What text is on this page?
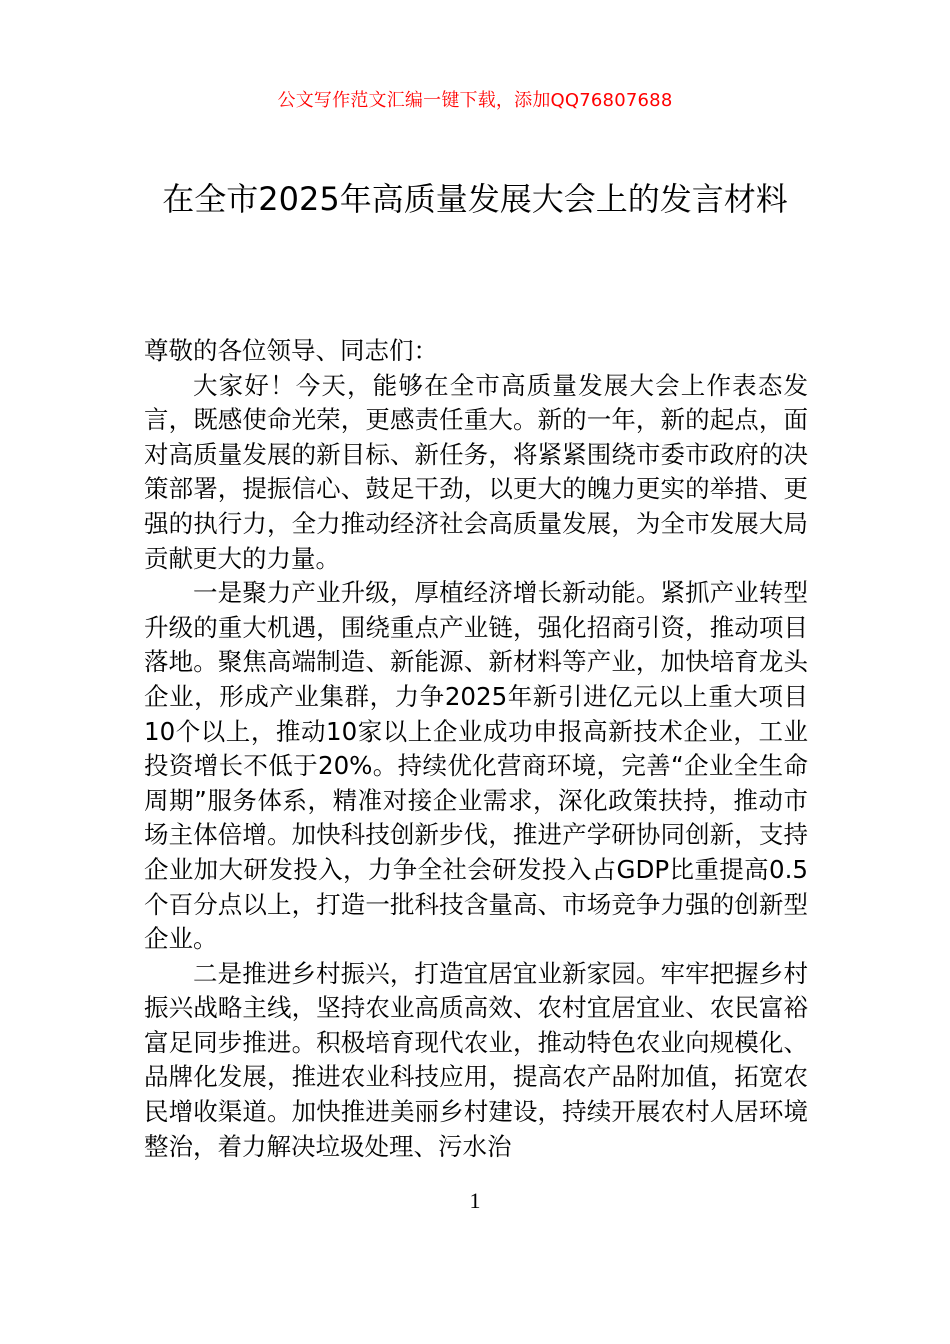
公文写作范文汇编一键下载，添加QQ76807688
在全市2025年高质量发展大会上的发言材料

尊敬的各位领导、同志们：

大家好！今天，能够在全市高质量发展大会上作表态发言，既感使命光荣，更感责任重大。新的一年，新的起点，面对高质量发展的新目标、新任务，将紧紧围绕市委市政府的决策部署，提振信心、鼓足干劲，以更大的魄力更实的举措、更强的执行力，全力推动经济社会高质量发展，为全市发展大局贡献更大的力量。

一是聚力产业升级，厚植经济增长新动能。紧抓产业转型升级的重大机遇，围绕重点产业链，强化招商引资，推动项目落地。聚焦高端制造、新能源、新材料等产业，加快培育龙头企业，形成产业集群，力争2025年新引进亿元以上重大项目10个以上，推动10家以上企业成功申报高新技术企业，工业投资增长不低于20%。持续优化营商环境，完善“企业全生命周期”服务体系，精准对接企业需求，深化政策扶持，推动市场主体倍增。加快科技创新步伐，推进产学研协同创新，支持企业加大研发投入，力争全社会研发投入占GDP比重提高0.5个百分点以上，打造一批科技含量高、市场竞争力强的创新型企业。

二是推进乡村振兴，打造宜居宜业新家园。牢牢把握乡村振兴战略主线，坚持农业高质高效、农村宜居宜业、农民富裕富足同步推进。积极培育现代农业，推动特色农业向规模化、品牌化发展，推进农业科技应用，提高农产品附加值，拓宽农民增收渠道。加快推进美丽乡村建设，持续开展农村人居环境整治，着力解决垃圾处理、污水治

1
